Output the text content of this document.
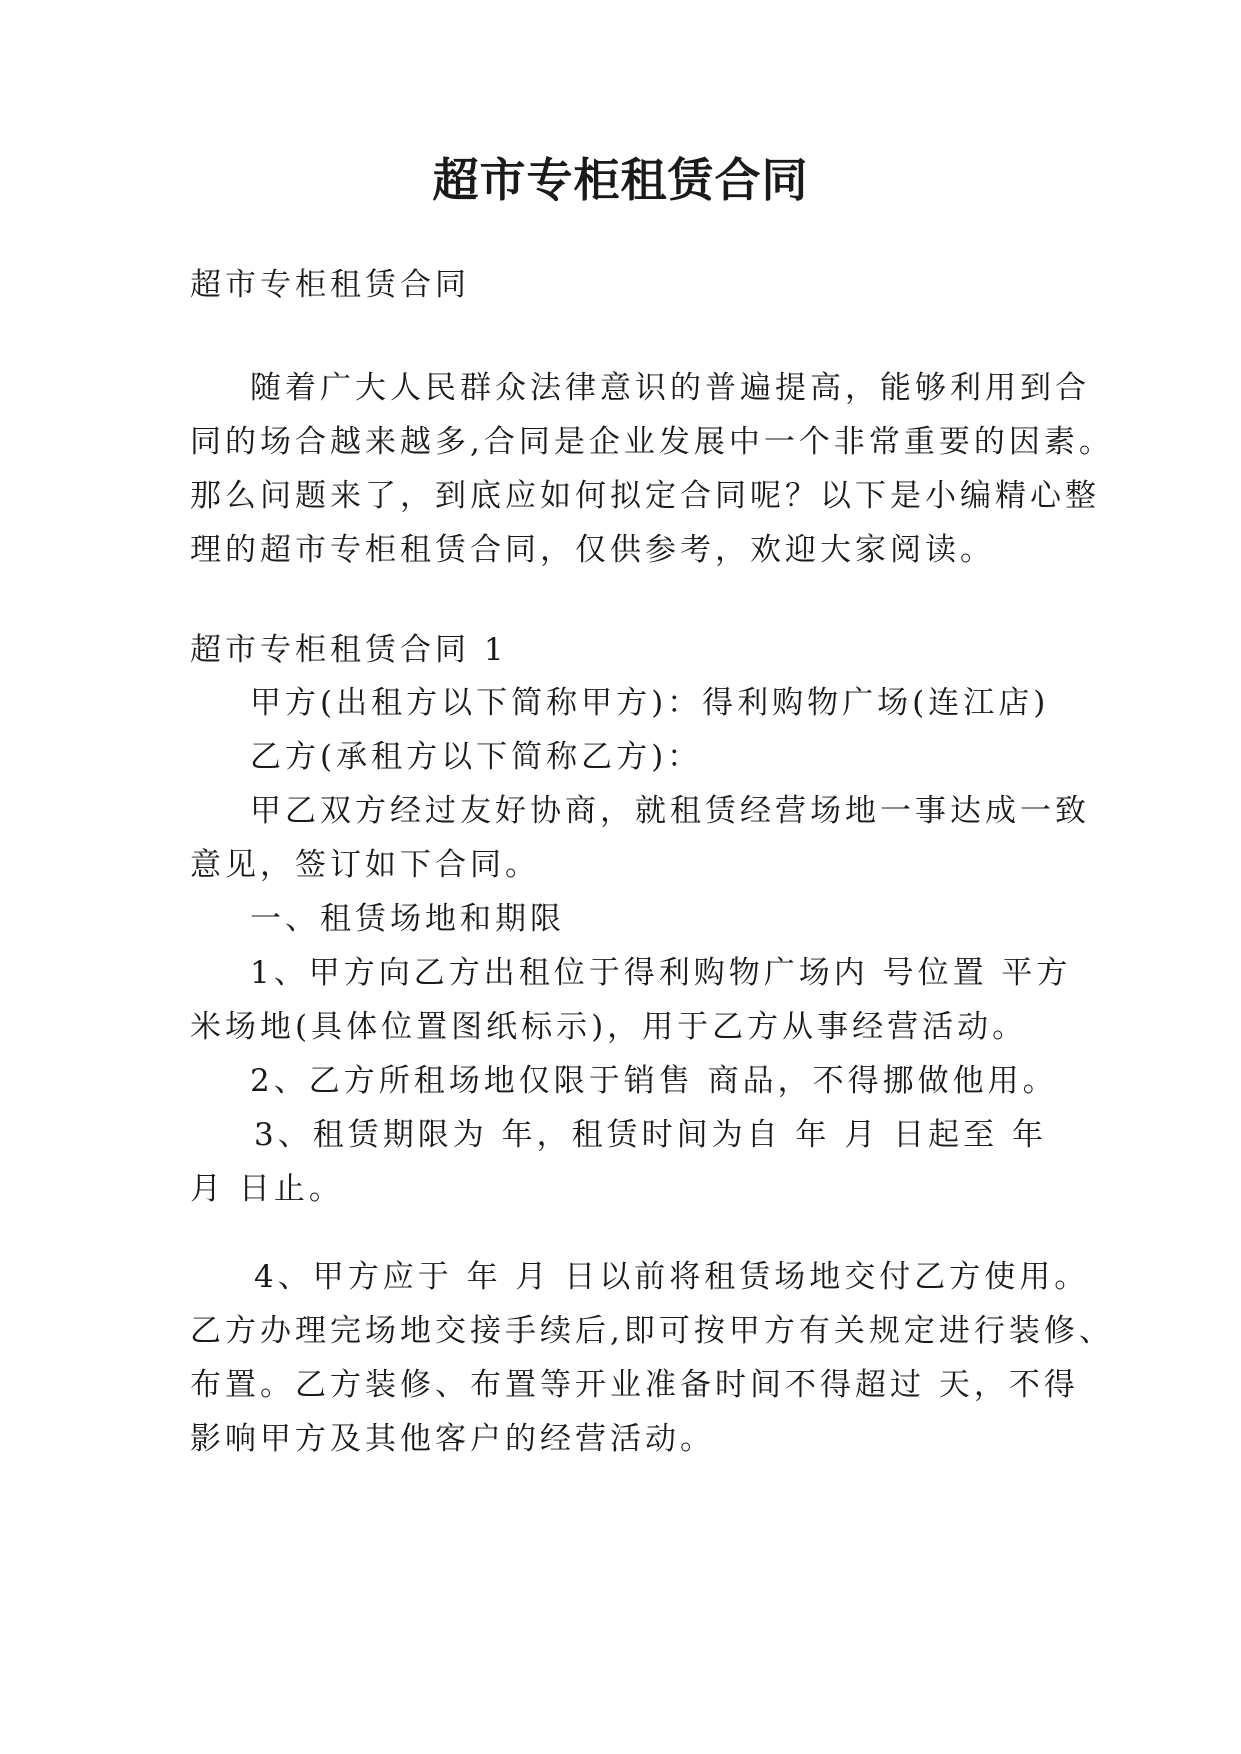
超市专柜租赁合同

超市专柜租赁合同

随着广大人民群众法律意识的普遍提高，能够利用到合

同的场合越来越多,合同是企业发展中一个非常重要的因素。

那么问题来了，到底应如何拟定合同呢？以下是小编精心整

理的超市专柜租赁合同，仅供参考，欢迎大家阅读。

超市专柜租赁合同 1

甲方(出租方以下简称甲方)：得利购物广场(连江店)

乙方(承租方以下简称乙方)：

甲乙双方经过友好协商，就租赁经营场地一事达成一致

意见，签订如下合同。

一、租赁场地和期限

1、甲方向乙方出租位于得利购物广场内 号位置 平方

米场地(具体位置图纸标示)，用于乙方从事经营活动。

2、乙方所租场地仅限于销售 商品，不得挪做他用。

3、租赁期限为 年，租赁时间为自 年 月 日起至 年

月 日止。

4、甲方应于 年 月 日以前将租赁场地交付乙方使用。

乙方办理完场地交接手续后,即可按甲方有关规定进行装修、

布置。乙方装修、布置等开业准备时间不得超过 天，不得

影响甲方及其他客户的经营活动。
